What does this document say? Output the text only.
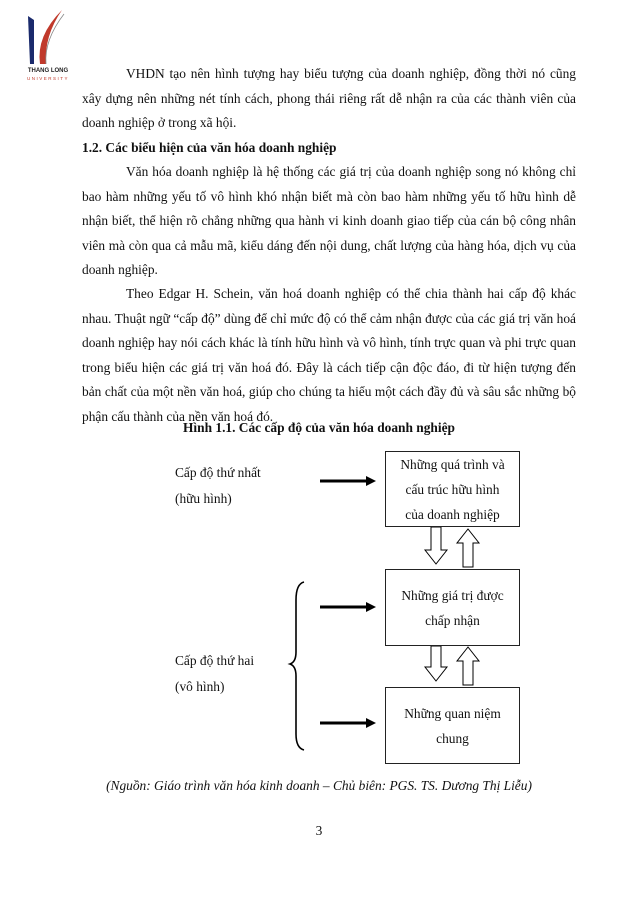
THANG LONG
UNIVERSITY	VHDN tạo nên hình tượng hay biểu tượng của doanh nghiệp, đồng thời nó cũng xây dựng nên những nét tính cách, phong thái riêng rất dễ nhận ra của các thành viên của doanh nghiệp ở trong xã hội.
1.2. Các biểu hiện của văn hóa doanh nghiệp
Văn hóa doanh nghiệp là hệ thống các giá trị của doanh nghiệp song nó không chỉ bao hàm những yếu tố vô hình khó nhận biết mà còn bao hàm những yếu tố hữu hình dễ nhận biết, thể hiện rõ chẳng những qua hành vi kinh doanh giao tiếp của cán bộ công nhân viên mà còn qua cả mẫu mã, kiểu dáng đến nội dung, chất lượng của hàng hóa, dịch vụ của doanh nghiệp.
Theo Edgar H. Schein, văn hoá doanh nghiệp có thể chia thành hai cấp độ khác nhau. Thuật ngữ “cấp độ” dùng để chỉ mức độ có thể cảm nhận được của các giá trị văn hoá doanh nghiệp hay nói cách khác là tính hữu hình và vô hình, tính trực quan và phi trực quan trong biểu hiện các giá trị văn hoá đó. Đây là cách tiếp cận độc đáo, đi từ hiện tượng đến bản chất của một nền văn hoá, giúp cho chúng ta hiểu một cách đầy đủ và sâu sắc những bộ phận cấu thành của nền văn hoá đó.
Hình 1.1. Các cấp độ của văn hóa doanh nghiệp
Cấp độ thứ nhất
(hữu hình)
Cấp độ thứ hai
(vô hình)
Những quá trình và
cấu trúc hữu hình
của doanh nghiệp
Những giá trị được
chấp nhận
Những quan niệm
chung
(Nguồn: Giáo trình văn hóa kinh doanh – Chủ biên: PGS. TS. Dương Thị Liễu)
3
